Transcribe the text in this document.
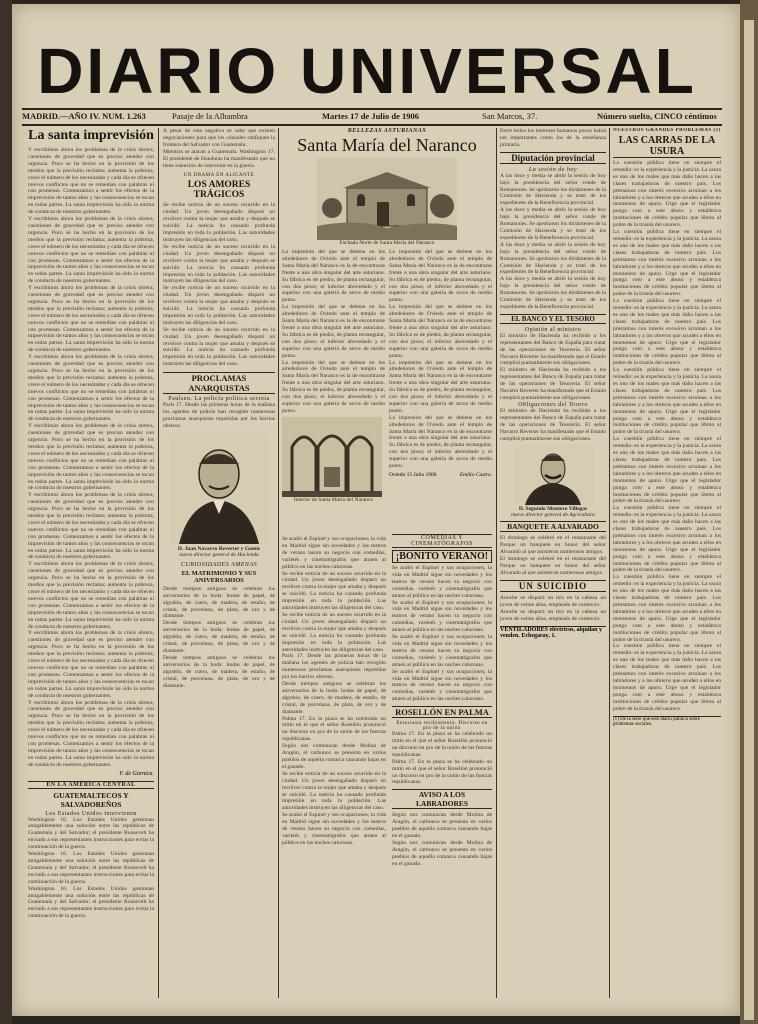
DIARIO UNIVERSAL
MADRID.—AÑO IV. NUM. 1.263	Pasaje de la Alhambra	Martes 17 de Julio de 1906	San Marcos, 37.	Número suelto, CINCO céntimos
La santa imprevisión

Y escribimos ahora los problemas de la crisis obrera, cuestiones de gravedad que es preciso atender con urgencia. Poco se ha hecho en la provisión de los medios que la previsión reclama; aumenta la pobreza, crece el número de los necesitados y cada día se ofrecen nuevos conflictos que no se remedian con palabras ni con promesas. Comenzamos a sentir los efectos de la imprevisión de tantos años y las consecuencias se tocan en todas partes. La santa imprevisión ha sido la norma de conducta de nuestros gobernantes.

Y escribimos ahora los problemas de la crisis obrera, cuestiones de gravedad que es preciso atender con urgencia. Poco se ha hecho en la provisión de los medios que la previsión reclama; aumenta la pobreza, crece el número de los necesitados y cada día se ofrecen nuevos conflictos que no se remedian con palabras ni con promesas. Comenzamos a sentir los efectos de la imprevisión de tantos años y las consecuencias se tocan en todas partes. La santa imprevisión ha sido la norma de conducta de nuestros gobernantes.

Y escribimos ahora los problemas de la crisis obrera, cuestiones de gravedad que es preciso atender con urgencia. Poco se ha hecho en la provisión de los medios que la previsión reclama; aumenta la pobreza, crece el número de los necesitados y cada día se ofrecen nuevos conflictos que no se remedian con palabras ni con promesas. Comenzamos a sentir los efectos de la imprevisión de tantos años y las consecuencias se tocan en todas partes. La santa imprevisión ha sido la norma de conducta de nuestros gobernantes.

Y escribimos ahora los problemas de la crisis obrera, cuestiones de gravedad que es preciso atender con urgencia. Poco se ha hecho en la provisión de los medios que la previsión reclama; aumenta la pobreza, crece el número de los necesitados y cada día se ofrecen nuevos conflictos que no se remedian con palabras ni con promesas. Comenzamos a sentir los efectos de la imprevisión de tantos años y las consecuencias se tocan en todas partes. La santa imprevisión ha sido la norma de conducta de nuestros gobernantes.

Y escribimos ahora los problemas de la crisis obrera, cuestiones de gravedad que es preciso atender con urgencia. Poco se ha hecho en la provisión de los medios que la previsión reclama; aumenta la pobreza, crece el número de los necesitados y cada día se ofrecen nuevos conflictos que no se remedian con palabras ni con promesas. Comenzamos a sentir los efectos de la imprevisión de tantos años y las consecuencias se tocan en todas partes. La santa imprevisión ha sido la norma de conducta de nuestros gobernantes.

Y escribimos ahora los problemas de la crisis obrera, cuestiones de gravedad que es preciso atender con urgencia. Poco se ha hecho en la provisión de los medios que la previsión reclama; aumenta la pobreza, crece el número de los necesitados y cada día se ofrecen nuevos conflictos que no se remedian con palabras ni con promesas. Comenzamos a sentir los efectos de la imprevisión de tantos años y las consecuencias se tocan en todas partes. La santa imprevisión ha sido la norma de conducta de nuestros gobernantes.

Y escribimos ahora los problemas de la crisis obrera, cuestiones de gravedad que es preciso atender con urgencia. Poco se ha hecho en la provisión de los medios que la previsión reclama; aumenta la pobreza, crece el número de los necesitados y cada día se ofrecen nuevos conflictos que no se remedian con palabras ni con promesas. Comenzamos a sentir los efectos de la imprevisión de tantos años y las consecuencias se tocan en todas partes. La santa imprevisión ha sido la norma de conducta de nuestros gobernantes.

Y escribimos ahora los problemas de la crisis obrera, cuestiones de gravedad que es preciso atender con urgencia. Poco se ha hecho en la provisión de los medios que la previsión reclama; aumenta la pobreza, crece el número de los necesitados y cada día se ofrecen nuevos conflictos que no se remedian con palabras ni con promesas. Comenzamos a sentir los efectos de la imprevisión de tantos años y las consecuencias se tocan en todas partes. La santa imprevisión ha sido la norma de conducta de nuestros gobernantes.

Y escribimos ahora los problemas de la crisis obrera, cuestiones de gravedad que es preciso atender con urgencia. Poco se ha hecho en la provisión de los medios que la previsión reclama; aumenta la pobreza, crece el número de los necesitados y cada día se ofrecen nuevos conflictos que no se remedian con palabras ni con promesas. Comenzamos a sentir los efectos de la imprevisión de tantos años y las consecuencias se tocan en todas partes. La santa imprevisión ha sido la norma de conducta de nuestros gobernantes.

F. de Garnica.
EN LA AMÉRICA CENTRAL
GUATEMALTECOS Y SALVADOREÑOS
Los Estados Unidos intervienen

Washington 16. Los Estados Unidos gestionan amigablemente una solución entre las repúblicas de Guatemala y del Salvador; el presidente Roosevelt ha enviado a sus representantes instrucciones para evitar la continuación de la guerra.

Washington 16. Los Estados Unidos gestionan amigablemente una solución entre las repúblicas de Guatemala y del Salvador; el presidente Roosevelt ha enviado a sus representantes instrucciones para evitar la continuación de la guerra.

Washington 16. Los Estados Unidos gestionan amigablemente una solución entre las repúblicas de Guatemala y del Salvador; el presidente Roosevelt ha enviado a sus representantes instrucciones para evitar la continuación de la guerra.

A pesar de esta negativa se sabe que existen negociaciones para que los cónsules ratifiquen la frontera del Salvador con Guatemala.

Mientras se atacan a Guatemala. Washington 17. El presidente de Honduras ha manifestado que no tiene intención de intervenir en la guerra.

UN DRAMA EN ALICANTE
LOS AMORES TRÁGICOS

Se recibe noticia de un suceso ocurrido en la ciudad. Un joven desengañado disparó un revólver contra la mujer que amaba y después se suicidó. La noticia ha causado profunda impresión en toda la población. Las autoridades instruyen las diligencias del caso.

Se recibe noticia de un suceso ocurrido en la ciudad. Un joven desengañado disparó un revólver contra la mujer que amaba y después se suicidó. La noticia ha causado profunda impresión en toda la población. Las autoridades instruyen las diligencias del caso.

Se recibe noticia de un suceso ocurrido en la ciudad. Un joven desengañado disparó un revólver contra la mujer que amaba y después se suicidó. La noticia ha causado profunda impresión en toda la población. Las autoridades instruyen las diligencias del caso.

Se recibe noticia de un suceso ocurrido en la ciudad. Un joven desengañado disparó un revólver contra la mujer que amaba y después se suicidó. La noticia ha causado profunda impresión en toda la población. Las autoridades instruyen las diligencias del caso.

PROCLAMAS ANARQUISTAS
Paulsen. La policía política secreta

París 17. Desde las primeras horas de la mañana los agentes de policía han recogido numerosas proclamas anarquistas repartidas por los barrios obreros.

D. Juan Navarro Reverter y Gomis
nuevo director general de Hacienda
CURIOSIDADES AMENAS
EL MATRIMONIO Y SUS ANIVERSARIOS

Desde tiempos antiguos se celebran los aniversarios de la boda: bodas de papel, de algodón, de cuero, de madera, de estaño, de cristal, de porcelana, de plata, de oro y de diamante.

Desde tiempos antiguos se celebran los aniversarios de la boda: bodas de papel, de algodón, de cuero, de madera, de estaño, de cristal, de porcelana, de plata, de oro y de diamante.

Desde tiempos antiguos se celebran los aniversarios de la boda: bodas de papel, de algodón, de cuero, de madera, de estaño, de cristal, de porcelana, de plata, de oro y de diamante.

BELLEZAS ASTURIANAS
Santa María del Naranco
Fachada Norte de Santa María del Naranco

La impresión del que se detiene en los alrededores de Oviedo ante el templo de Santa María del Naranco es la de encontrarse frente a una obra singular del arte asturiano. Su fábrica es de piedra, de planta rectangular, con dos pisos; el inferior abovedado y el superior con una galería de arcos de medio punto.

La impresión del que se detiene en los alrededores de Oviedo ante el templo de Santa María del Naranco es la de encontrarse frente a una obra singular del arte asturiano. Su fábrica es de piedra, de planta rectangular, con dos pisos; el inferior abovedado y el superior con una galería de arcos de medio punto.

La impresión del que se detiene en los alrededores de Oviedo ante el templo de Santa María del Naranco es la de encontrarse frente a una obra singular del arte asturiano. Su fábrica es de piedra, de planta rectangular, con dos pisos; el inferior abovedado y el superior con una galería de arcos de medio punto.

Interior de Santa María del Naranco

La impresión del que se detiene en los alrededores de Oviedo ante el templo de Santa María del Naranco es la de encontrarse frente a una obra singular del arte asturiano. Su fábrica es de piedra, de planta rectangular, con dos pisos; el inferior abovedado y el superior con una galería de arcos de medio punto.

La impresión del que se detiene en los alrededores de Oviedo ante el templo de Santa María del Naranco es la de encontrarse frente a una obra singular del arte asturiano. Su fábrica es de piedra, de planta rectangular, con dos pisos; el inferior abovedado y el superior con una galería de arcos de medio punto.

La impresión del que se detiene en los alrededores de Oviedo ante el templo de Santa María del Naranco es la de encontrarse frente a una obra singular del arte asturiano. Su fábrica es de piedra, de planta rectangular, con dos pisos; el inferior abovedado y el superior con una galería de arcos de medio punto.

La impresión del que se detiene en los alrededores de Oviedo ante el templo de Santa María del Naranco es la de encontrarse frente a una obra singular del arte asturiano. Su fábrica es de piedra, de planta rectangular, con dos pisos; el inferior abovedado y el superior con una galería de arcos de medio punto.

Oviedo 15 Julio 1906	Emilio Castro.
COMEDIAS Y CINEMATÓGRAFOS
¡BONITO VERANO!

Se acabó el Espinel y sus ocupaciones; la vida en Madrid sigue sin novedades y los teatros de verano hacen su negocio con comedias, varietés y cinematógrafos que atraen al público en las noches calurosas.

Se acabó el Espinel y sus ocupaciones; la vida en Madrid sigue sin novedades y los teatros de verano hacen su negocio con comedias, varietés y cinematógrafos que atraen al público en las noches calurosas.

Se acabó el Espinel y sus ocupaciones; la vida en Madrid sigue sin novedades y los teatros de verano hacen su negocio con comedias, varietés y cinematógrafos que atraen al público en las noches calurosas.

Se acabó el Espinel y sus ocupaciones; la vida en Madrid sigue sin novedades y los teatros de verano hacen su negocio con comedias, varietés y cinematógrafos que atraen al público en las noches calurosas.

ROSELLÓN EN PALMA
Entusiasta recibimiento. Discurso en pro de la unión

Palma 17. En la plaza se ha celebrado un mitin en el que el señor Rosellón pronunció un discurso en pro de la unión de las fuerzas republicanas.

Palma 17. En la plaza se ha celebrado un mitin en el que el señor Rosellón pronunció un discurso en pro de la unión de las fuerzas republicanas.

AVISO A LOS LABRADORES

Según nos comunican desde Molina de Aragón, el carbunco se presenta en varios pueblos de aquella comarca causando bajas en el ganado.

Según nos comunican desde Molina de Aragón, el carbunco se presenta en varios pueblos de aquella comarca causando bajas en el ganado.

Se acabó el Espinel y sus ocupaciones; la vida en Madrid sigue sin novedades y los teatros de verano hacen su negocio con comedias, varietés y cinematógrafos que atraen al público en las noches calurosas.

Se recibe noticia de un suceso ocurrido en la ciudad. Un joven desengañado disparó un revólver contra la mujer que amaba y después se suicidó. La noticia ha causado profunda impresión en toda la población. Las autoridades instruyen las diligencias del caso.

Se recibe noticia de un suceso ocurrido en la ciudad. Un joven desengañado disparó un revólver contra la mujer que amaba y después se suicidó. La noticia ha causado profunda impresión en toda la población. Las autoridades instruyen las diligencias del caso.

París 17. Desde las primeras horas de la mañana los agentes de policía han recogido numerosas proclamas anarquistas repartidas por los barrios obreros.

Desde tiempos antiguos se celebran los aniversarios de la boda: bodas de papel, de algodón, de cuero, de madera, de estaño, de cristal, de porcelana, de plata, de oro y de diamante.

Palma 17. En la plaza se ha celebrado un mitin en el que el señor Rosellón pronunció un discurso en pro de la unión de las fuerzas republicanas.

Según nos comunican desde Molina de Aragón, el carbunco se presenta en varios pueblos de aquella comarca causando bajas en el ganado.

Se recibe noticia de un suceso ocurrido en la ciudad. Un joven desengañado disparó un revólver contra la mujer que amaba y después se suicidó. La noticia ha causado profunda impresión en toda la población. Las autoridades instruyen las diligencias del caso.

Se acabó el Espinel y sus ocupaciones; la vida en Madrid sigue sin novedades y los teatros de verano hacen su negocio con comedias, varietés y cinematógrafos que atraen al público en las noches calurosas.

Entre todos los intereses humanos pocos habrá tan importantes como los de la enseñanza primaria.

Diputación provincial
La sesión de hoy

A las doce y media se abrió la sesión de hoy bajo la presidencia del señor conde de Romanones. Se aprobaron los dictámenes de la Comisión de Hacienda y se trató de los expedientes de la Beneficencia provincial.

A las doce y media se abrió la sesión de hoy bajo la presidencia del señor conde de Romanones. Se aprobaron los dictámenes de la Comisión de Hacienda y se trató de los expedientes de la Beneficencia provincial.

A las doce y media se abrió la sesión de hoy bajo la presidencia del señor conde de Romanones. Se aprobaron los dictámenes de la Comisión de Hacienda y se trató de los expedientes de la Beneficencia provincial.

A las doce y media se abrió la sesión de hoy bajo la presidencia del señor conde de Romanones. Se aprobaron los dictámenes de la Comisión de Hacienda y se trató de los expedientes de la Beneficencia provincial.

EL BANCO Y EL TESORO
Opinión al ministro

El ministro de Hacienda ha recibido a los representantes del Banco de España para tratar de las operaciones de Tesorería. El señor Navarro Reverter ha manifestado que el Estado cumplirá puntualmente sus obligaciones.

El ministro de Hacienda ha recibido a los representantes del Banco de España para tratar de las operaciones de Tesorería. El señor Navarro Reverter ha manifestado que el Estado cumplirá puntualmente sus obligaciones.

Obligaciones del Tesoro

El ministro de Hacienda ha recibido a los representantes del Banco de España para tratar de las operaciones de Tesorería. El señor Navarro Reverter ha manifestado que el Estado cumplirá puntualmente sus obligaciones.

D. Segundo Montero Villegas
nuevo director general de Agricultura
BANQUETE A ALVARADO

El domingo se celebró en el restaurante del Parque un banquete en honor del señor Alvarado al que asistieron numerosos amigos.

El domingo se celebró en el restaurante del Parque un banquete en honor del señor Alvarado al que asistieron numerosos amigos.

UN SUICIDIO

Anoche se disparó un tiro en la cabeza un joven de veinte años, empleado de comercio.

Anoche se disparó un tiro en la cabeza un joven de veinte años, empleado de comercio.

VENTILADORES eléctricos, alquilan y venden. Echegaray, 1.
NUESTROS GRANDES PROBLEMAS (1)
LAS CARRAS DE LA USURA

La cuestión pública tiene en siempre el remedio: es la experiencia y la justicia. La usura es uno de los males que más daño hacen a las clases trabajadoras de nuestro país. Los préstamos con interés excesivo arruinan a los labradores y a los obreros que acuden a ellos en momentos de apuro. Urge que el legislador ponga coto a este abuso y establezca instituciones de crédito popular que libren al pobre de la tiranía del usurero.

La cuestión pública tiene en siempre el remedio: es la experiencia y la justicia. La usura es uno de los males que más daño hacen a las clases trabajadoras de nuestro país. Los préstamos con interés excesivo arruinan a los labradores y a los obreros que acuden a ellos en momentos de apuro. Urge que el legislador ponga coto a este abuso y establezca instituciones de crédito popular que libren al pobre de la tiranía del usurero.

La cuestión pública tiene en siempre el remedio: es la experiencia y la justicia. La usura es uno de los males que más daño hacen a las clases trabajadoras de nuestro país. Los préstamos con interés excesivo arruinan a los labradores y a los obreros que acuden a ellos en momentos de apuro. Urge que el legislador ponga coto a este abuso y establezca instituciones de crédito popular que libren al pobre de la tiranía del usurero.

La cuestión pública tiene en siempre el remedio: es la experiencia y la justicia. La usura es uno de los males que más daño hacen a las clases trabajadoras de nuestro país. Los préstamos con interés excesivo arruinan a los labradores y a los obreros que acuden a ellos en momentos de apuro. Urge que el legislador ponga coto a este abuso y establezca instituciones de crédito popular que libren al pobre de la tiranía del usurero.

La cuestión pública tiene en siempre el remedio: es la experiencia y la justicia. La usura es uno de los males que más daño hacen a las clases trabajadoras de nuestro país. Los préstamos con interés excesivo arruinan a los labradores y a los obreros que acuden a ellos en momentos de apuro. Urge que el legislador ponga coto a este abuso y establezca instituciones de crédito popular que libren al pobre de la tiranía del usurero.

La cuestión pública tiene en siempre el remedio: es la experiencia y la justicia. La usura es uno de los males que más daño hacen a las clases trabajadoras de nuestro país. Los préstamos con interés excesivo arruinan a los labradores y a los obreros que acuden a ellos en momentos de apuro. Urge que el legislador ponga coto a este abuso y establezca instituciones de crédito popular que libren al pobre de la tiranía del usurero.

La cuestión pública tiene en siempre el remedio: es la experiencia y la justicia. La usura es uno de los males que más daño hacen a las clases trabajadoras de nuestro país. Los préstamos con interés excesivo arruinan a los labradores y a los obreros que acuden a ellos en momentos de apuro. Urge que el legislador ponga coto a este abuso y establezca instituciones de crédito popular que libren al pobre de la tiranía del usurero.

La cuestión pública tiene en siempre el remedio: es la experiencia y la justicia. La usura es uno de los males que más daño hacen a las clases trabajadoras de nuestro país. Los préstamos con interés excesivo arruinan a los labradores y a los obreros que acuden a ellos en momentos de apuro. Urge que el legislador ponga coto a este abuso y establezca instituciones de crédito popular que libren al pobre de la tiranía del usurero.

(1) De la serie que este diario publica sobre problemas sociales.
